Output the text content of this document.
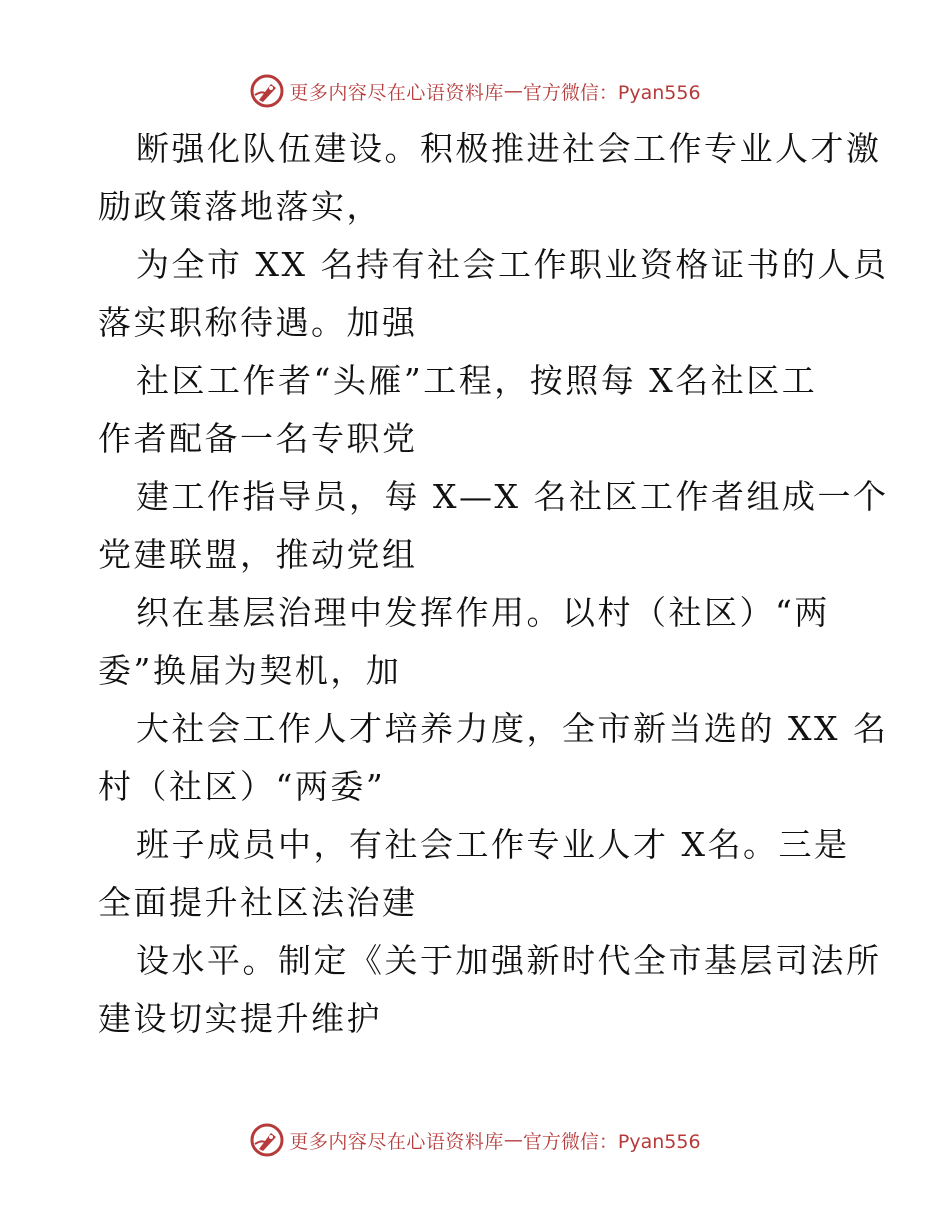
更多内容尽在心语资料库 — 官方微信：Pyan556

断强化队伍建设。积极推进社会工作专业人才激
励政策落地落实，

为全市 XX 名持有社会工作职业资格证书的人员
落实职称待遇。加强

社区工作者“头雁”工程，按照每 X名社区工
作者配备一名专职党

建工作指导员，每 X—X 名社区工作者组成一个
党建联盟，推动党组

织在基层治理中发挥作用。以村（社区）“两
委”换届为契机，加

大社会工作人才培养力度，全市新当选的 XX 名
村（社区）“两委”

班子成员中，有社会工作专业人才 X名。三是
全面提升社区法治建

设水平。制定《关于加强新时代全市基层司法所
建设切实提升维护

更多内容尽在心语资料库 — 官方微信：Pyan556
